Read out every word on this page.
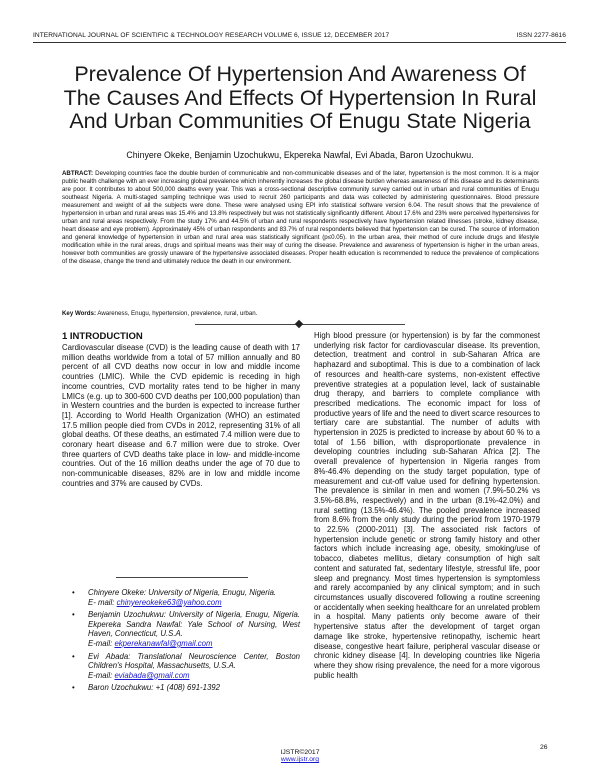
INTERNATIONAL JOURNAL OF SCIENTIFIC & TECHNOLOGY RESEARCH VOLUME 6, ISSUE 12, DECEMBER 2017	ISSN 2277-8616
Prevalence Of Hypertension And Awareness Of
The Causes And Effects Of Hypertension In Rural
And Urban Communities Of Enugu State Nigeria
Chinyere Okeke, Benjamin Uzochukwu, Ekpereka Nawfal, Evi Abada, Baron Uzochukwu.
ABTRACT: Developing countries face the double burden of communicable and non-communicable diseases and of the later, hypertension is the most common. It is a major public health challenge with an ever increasing global prevalence which inherently increases the global disease burden whereas awareness of this disease and its determinants are poor. It contributes to about 500,000 deaths every year. This was a cross-sectional descriptive community survey carried out in urban and rural communities of Enugu southeast Nigeria. A multi-staged sampling technique was used to recruit 260 participants and data was collected by administering questionnaires. Blood pressure measurement and weight of all the subjects were done. These were analysed using EPI info statistical software version 6.04. The result shows that the prevalence of hypertension in urban and rural areas was 15.4% and 13.8% respectively but was not statistically significantly different. About 17.6% and 23% were perceived hypertensives for urban and rural areas respectively. From the study 17% and 44.5% of urban and rural respondents respectively have hypertension related illnesses (stroke, kidney disease, heart disease and eye problem). Approximately 45% of urban respondents and 83.7% of rural respondents believed that hypertension can be cured. The source of information and general knowledge of hypertension in urban and rural area was statistically significant (p≤0.05). In the urban area, their method of cure include drugs and lifestyle modification while in the rural areas, drugs and spiritual means was their way of curing the disease. Prevalence and awareness of hypertension is higher in the urban areas, however both communities are grossly unaware of the hypertensive associated diseases. Proper health education is recommended to reduce the prevalence of complications of the disease, change the trend and ultimately reduce the death in our environment.
Key Words: Awareness, Enugu, hypertension, prevalence, rural, urban.
1 INTRODUCTION

Cardiovascular disease (CVD) is the leading cause of death with 17 million deaths worldwide from a total of 57 million annually and 80 percent of all CVD deaths now occur in low and middle income countries (LMIC). While the CVD epidemic is receding in high income countries, CVD mortality rates tend to be higher in many LMICs (e.g. up to 300-600 CVD deaths per 100,000 population) than in Western countries and the burden is expected to increase further [1]. According to World Health Organization (WHO) an estimated 17.5 million people died from CVDs in 2012, representing 31% of all global deaths. Of these deaths, an estimated 7.4 million were due to coronary heart disease and 6.7 million were due to stroke. Over three quarters of CVD deaths take place in low- and middle-income countries. Out of the 16 million deaths under the age of 70 due to non-communicable diseases, 82% are in low and middle income countries and 37% are caused by CVDs.

High blood pressure (or hypertension) is by far the commonest underlying risk factor for cardiovascular disease. Its prevention, detection, treatment and control in sub-Saharan Africa are haphazard and suboptimal. This is due to a combination of lack of resources and health-care systems, non-existent effective preventive strategies at a population level, lack of sustainable drug therapy, and barriers to complete compliance with prescribed medications. The economic impact for loss of productive years of life and the need to divert scarce resources to tertiary care are substantial. The number of adults with hypertension in 2025 is predicted to increase by about 60 % to a total of 1.56 billion, with disproportionate prevalence in developing countries including sub-Saharan Africa [2]. The overall prevalence of hypertension in Nigeria ranges from 8%-46.4% depending on the study target population, type of measurement and cut-off value used for defining hypertension. The prevalence is similar in men and women (7.9%-50.2% vs 3.5%-68.8%, respectively) and in the urban (8.1%-42.0%) and rural setting (13.5%-46.4%). The pooled prevalence increased from 8.6% from the only study during the period from 1970-1979 to 22.5% (2000-2011) [3]. The associated risk factors of hypertension include genetic or strong family history and other factors which include increasing age, obesity, smoking/use of tobacco, diabetes mellitus, dietary consumption of high salt content and saturated fat, sedentary lifestyle, stressful life, poor sleep and pregnancy. Most times hypertension is symptomless and rarely accompanied by any clinical symptom; and in such circumstances usually discovered following a routine screening or accidentally when seeking healthcare for an unrelated problem in a hospital. Many patients only become aware of their hypertensive status after the development of target organ damage like stroke, hypertensive retinopathy, ischemic heart disease, congestive heart failure, peripheral vascular disease or chronic kidney disease [4]. In developing countries like Nigeria where they show rising prevalence, the need for a more vigorous public health

• Chinyere Okeke: University of Nigeria, Enugu, Nigeria.
E- mail: chinyereokeke63@yahoo.com
• Benjamin Uzochukwu: University of Nigeria, Enugu, Nigeria. Ekpereka Sandra Nawfal: Yale School of Nursing, West Haven, Connecticut, U.S.A.
E-mail: ekperekanawfal@gmail.com
• Evi Abada: Translational Neuroscience Center, Boston Children's Hospital, Massachusetts, U.S.A.
E-mail: eviabada@gmail.com
• Baron Uzochukwu: +1 (408) 691-1392
26
IJSTR©2017
www.ijstr.org
